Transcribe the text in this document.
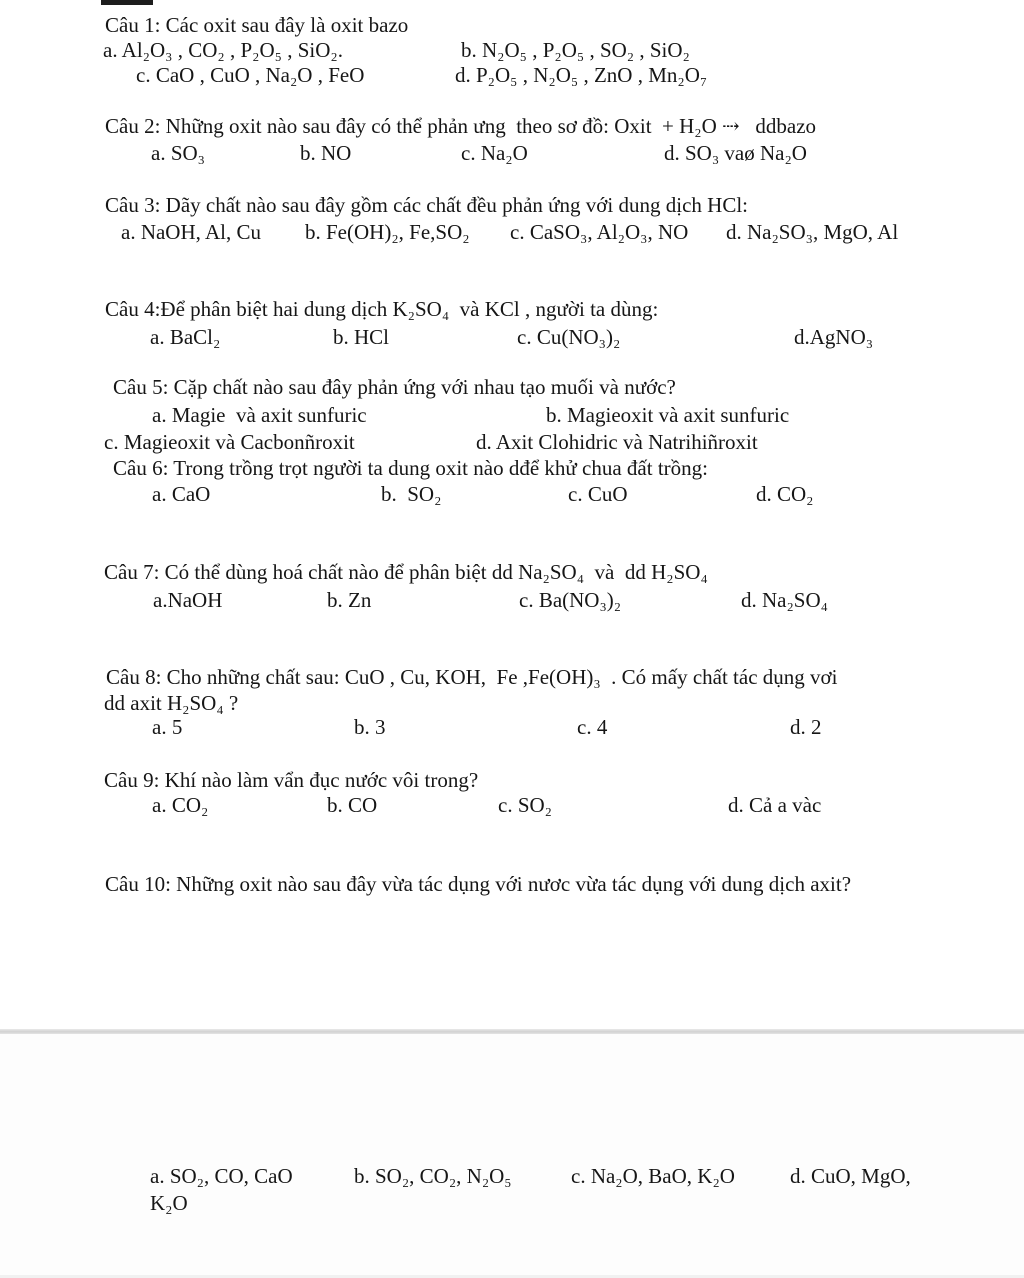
Câu 1: Các oxit sau đây là oxit bazo
a. Al₂O₃ , CO₂ , P₂O₅ , SiO₂.	b. N₂O₅ , P₂O₅ , SO₂ , SiO₂
c. CaO , CuO , Na₂O , FeO	d. P₂O₅ , N₂O₅ , ZnO , Mn₂O₇
Câu 2: Những oxit nào sau đây có thể phản ưng  theo sơ đồ: Oxit  + H₂O ⇢   ddbazo
a. SO₃	b. NO	c. Na₂O	d. SO₃ vaø Na₂O
Câu 3: Dãy chất nào sau đây gồm các chất đều phản ứng với dung dịch HCl:
a. NaOH, Al, Cu b. Fe(OH)₂, Fe,SO₂ c. CaSO₃, Al₂O₃, NO d. Na₂SO₃, MgO, Al
Câu 4:Để phân biệt hai dung dịch K₂SO₄  và KCl , người ta dùng:
a. BaCl₂	b. HCl	c. Cu(NO₃)₂	d.AgNO₃
Câu 5: Cặp chất nào sau đây phản ứng với nhau tạo muối và nước?
a. Magie  và axit sunfuric	b. Magieoxit và axit sunfuric
c. Magieoxit và Cacbonñroxit	d. Axit Clohidric và Natrihiñroxit
Câu 6: Trong trồng trọt người ta dung oxit nào dđể khử chua đất trồng:
a. CaO	b.  SO₂	c. CuO	d. CO₂
Câu 7: Có thể dùng hoá chất nào để phân biệt dd Na₂SO₄  và  dd H₂SO₄
a.NaOH	b. Zn	c. Ba(NO₃)₂	d. Na₂SO₄
Câu 8: Cho những chất sau: CuO , Cu, KOH,  Fe ,Fe(OH)₃  . Có mấy chất tác dụng vơi
dd axit H₂SO₄ ?
a. 5	b. 3	c. 4	d. 2
Câu 9: Khí nào làm vẩn đục nước vôi trong?
a. CO₂	b. CO	c. SO₂	d. Cả a vàc
Câu 10: Những oxit nào sau đây vừa tác dụng với nươc vừa tác dụng với dung dịch axit?
a. SO₂, CO, CaO	b. SO₂, CO₂, N₂O₅	c. Na₂O, BaO, K₂O	d. CuO, MgO,
K₂O
